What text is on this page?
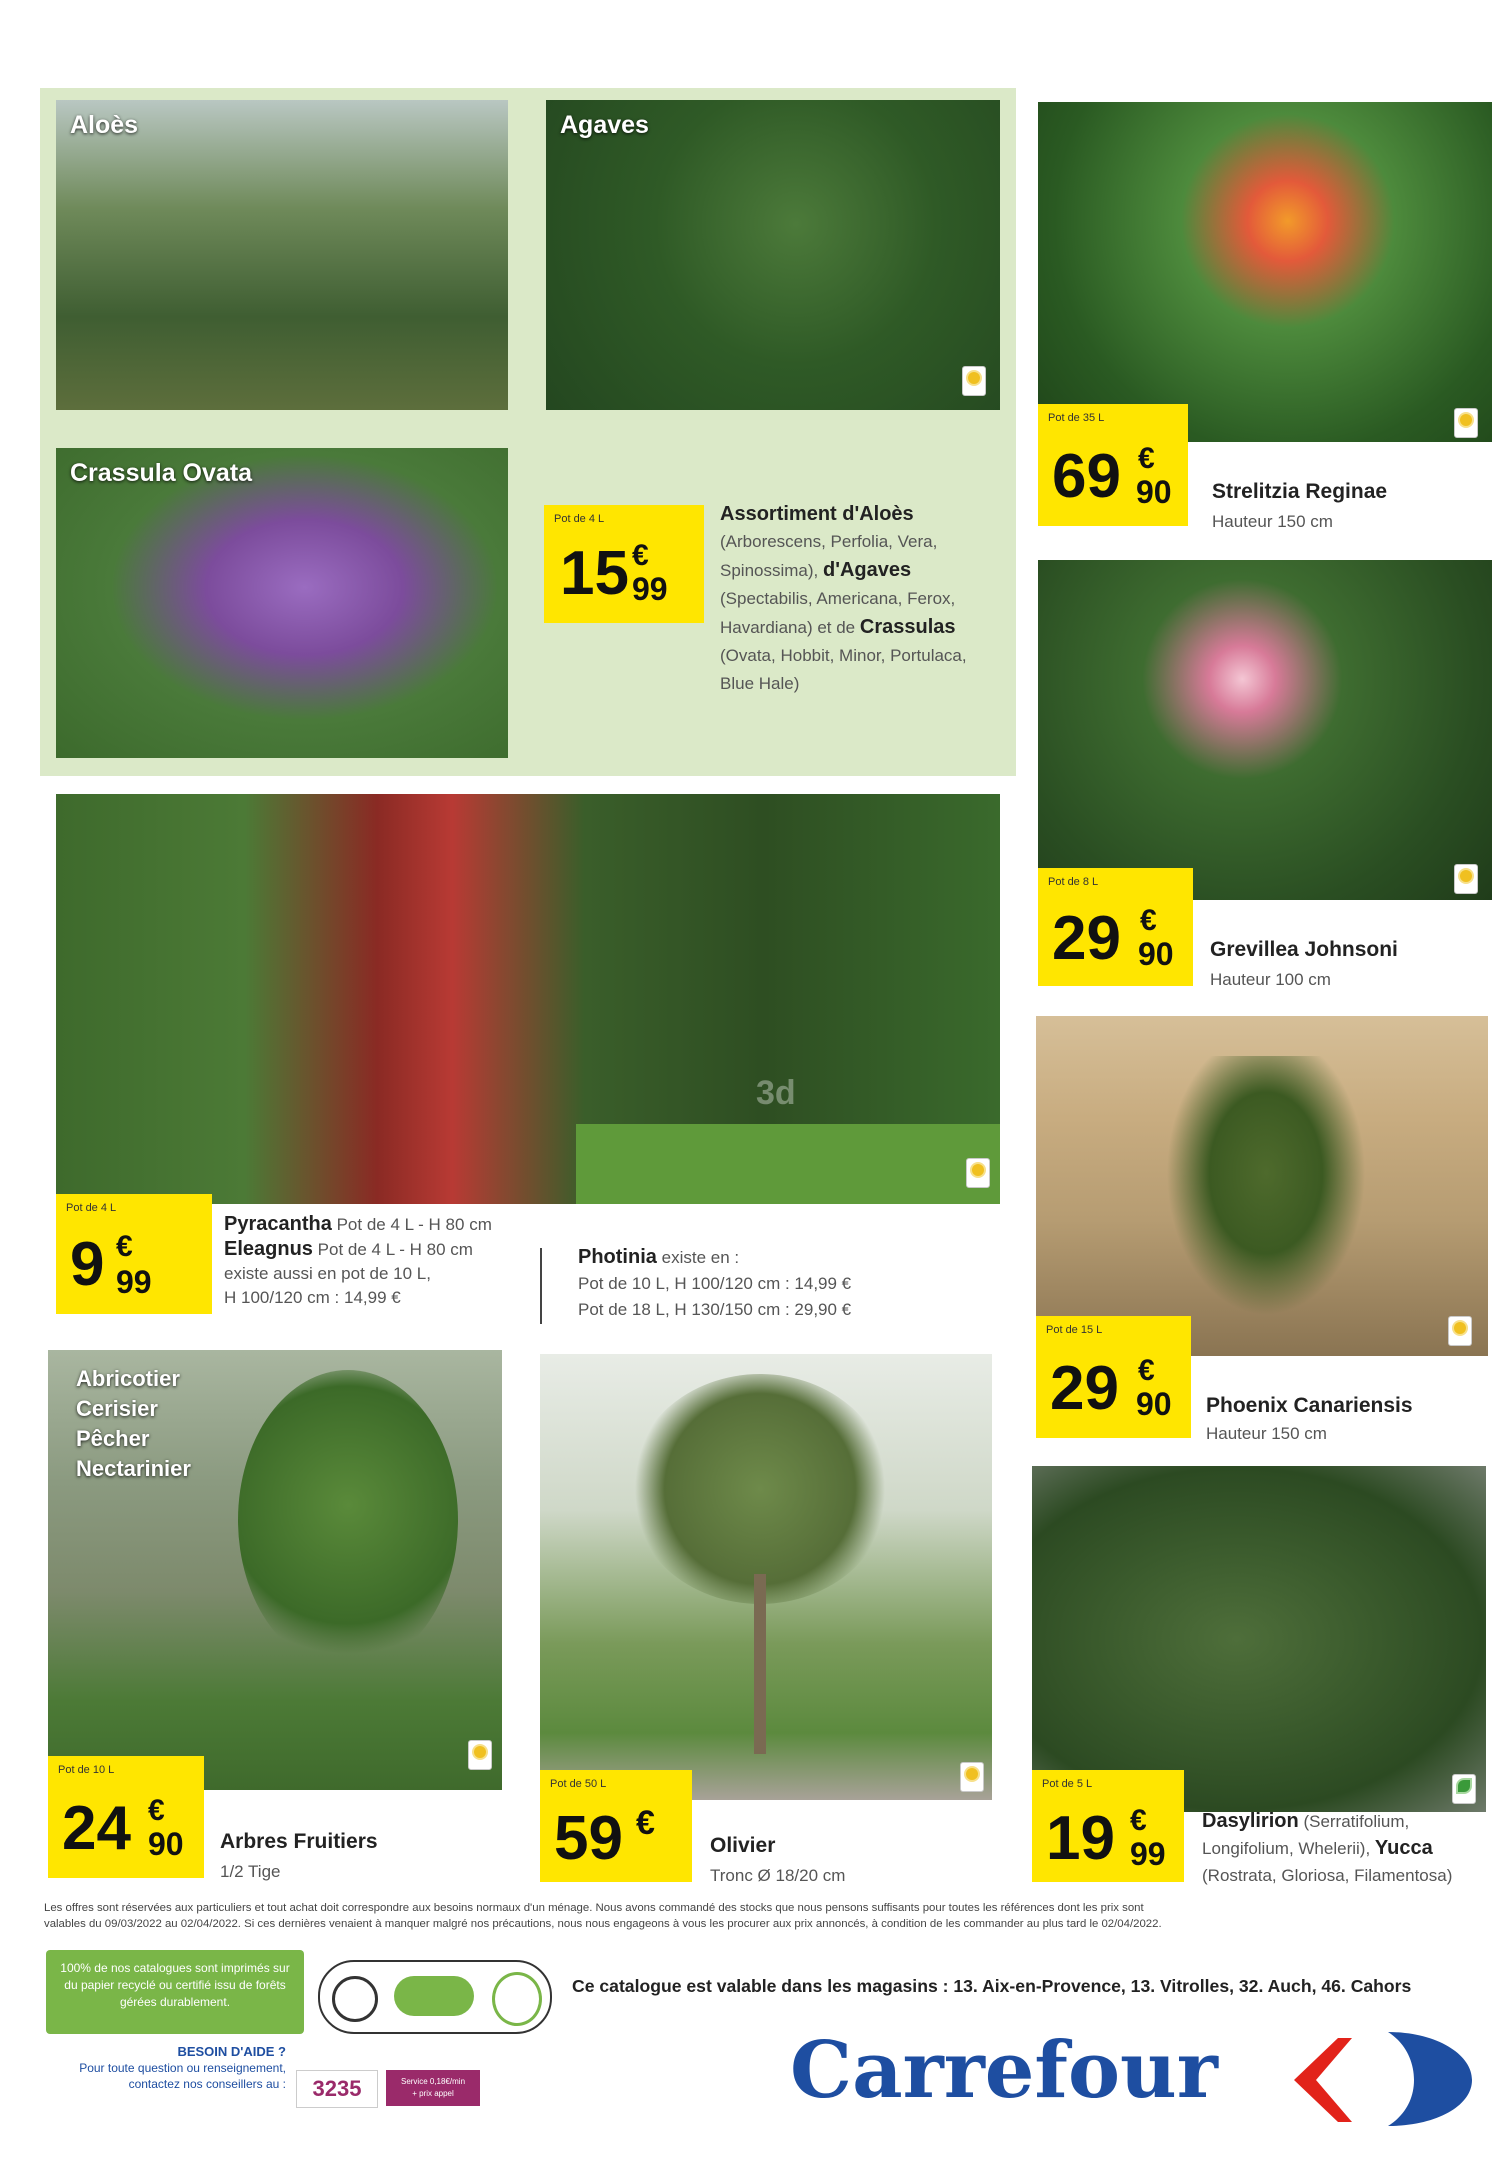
Aloès	Agaves
Crassula Ovata
Pot de 4 L
15 €
99
Assortiment d'Aloès
(Arborescens, Perfolia, Vera,
Spinossima), d'Agaves
(Spectabilis, Americana, Ferox,
Havardiana) et de Crassulas
(Ovata, Hobbit, Minor, Portulaca,
Blue Hale)
Pot de 35 L
69 €
90 Strelitzia Reginae
Hauteur 150 cm
Pot de 8 L
29 €
90 Grevillea Johnsoni
Hauteur 100 cm
Pot de 15 L
29 €
90 Phoenix Canariensis
Hauteur 150 cm
3d
Pot de 4 L
9 €
99
Pyracantha Pot de 4 L - H 80 cm
Eleagnus Pot de 4 L - H 80 cm
existe aussi en pot de 10 L,
H 100/120 cm : 14,99 €
Photinia existe en :
Pot de 10 L, H 100/120 cm : 14,99 €
Pot de 18 L, H 130/150 cm : 29,90 €
Abricotier
Cerisier
Pêcher
Nectarinier
Pot de 10 L
24 €
90 Arbres Fruitiers
1/2 Tige
Pot de 50 L
59 €
Olivier
Tronc Ø 18/20 cm
Pot de 5 L
19 €
99
Dasylirion (Serratifolium,
Longifolium, Whelerii), Yucca
(Rostrata, Gloriosa, Filamentosa)
Les offres sont réservées aux particuliers et tout achat doit correspondre aux besoins normaux d'un ménage. Nous avons commandé des stocks que nous pensons suffisants pour toutes les références dont les prix sont
valables du 09/03/2022 au 02/04/2022. Si ces dernières venaient à manquer malgré nos précautions, nous nous engageons à vous les procurer aux prix annoncés, à condition de les commander au plus tard le 02/04/2022.
100% de nos catalogues sont imprimés sur du papier recyclé ou certifié issu de forêts gérées durablement.
Ce catalogue est valable dans les magasins : 13. Aix-en-Provence, 13. Vitrolles, 32. Auch, 46. Cahors
BESOIN D'AIDE ?
Pour toute question ou renseignement,
contactez nos conseillers au :	3235	Service 0,18€/min
+ prix appel	Carrefour
